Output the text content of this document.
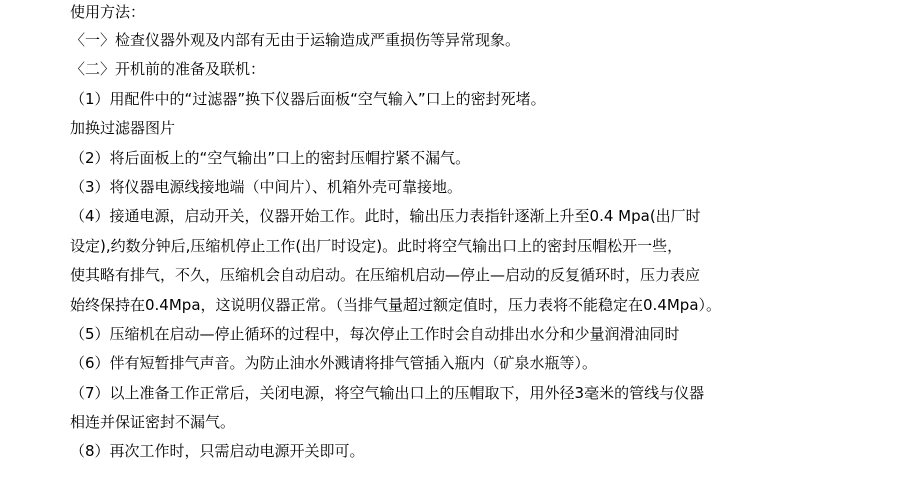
使用方法：

〈一〉检查仪器外观及内部有无由于运输造成严重损伤等异常现象。

〈二〉开机前的准备及联机：

（1）用配件中的“过滤器”换下仪器后面板“空气输入”口上的密封死堵。

加换过滤器图片

（2）将后面板上的“空气输出”口上的密封压帽拧紧不漏气。

（3）将仪器电源线接地端（中间片）、机箱外壳可靠接地。

（4）接通电源，启动开关，仪器开始工作。此时，输出压力表指针逐渐上升至0.4 Mpa(出厂时

设定),约数分钟后,压缩机停止工作(出厂时设定)。此时将空气输出口上的密封压帽松开一些，

使其略有排气，不久，压缩机会自动启动。在压缩机启动—停止—启动的反复循环时，压力表应

始终保持在0.4Mpa，这说明仪器正常。（当排气量超过额定值时，压力表将不能稳定在0.4Mpa）。

（5）压缩机在启动—停止循环的过程中，每次停止工作时会自动排出水分和少量润滑油同时

（6）伴有短暂排气声音。为防止油水外溅请将排气管插入瓶内（矿泉水瓶等）。

（7）以上准备工作正常后，关闭电源，将空气输出口上的压帽取下，用外径3毫米的管线与仪器

相连并保证密封不漏气。

（8）再次工作时，只需启动电源开关即可。
